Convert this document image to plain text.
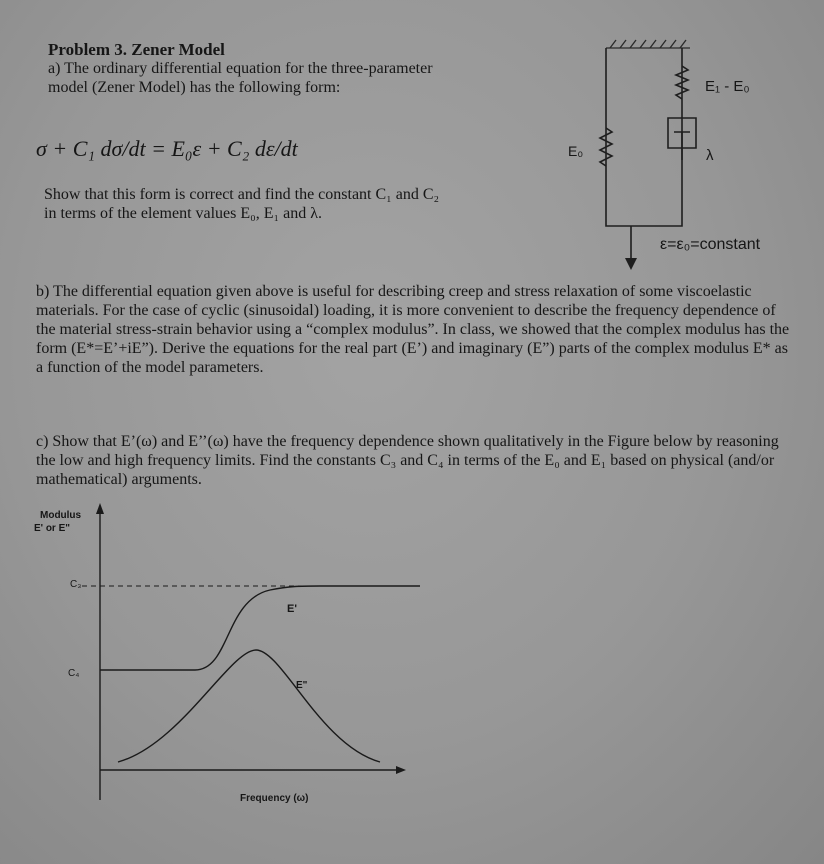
Problem 3. Zener Model
a) The ordinary differential equation for the three-parameter
model (Zener Model) has the following form:
σ + C₁ dσ/dt = E₀ε + C₂ dε/dt
Show that this form is correct and find the constant C₁ and C₂
in terms of the element values E₀, E₁ and λ.
b) The differential equation given above is useful for describing creep and stress relaxation of some viscoelastic materials. For the case of cyclic (sinusoidal) loading, it is more convenient to describe the frequency dependence of the material stress-strain behavior using a “complex modulus”. In class, we showed that the complex modulus has the form (E*=E’+iE”). Derive the equations for the real part (E’) and imaginary (E”) parts of the complex modulus E* as a function of the model parameters.
c) Show that E’(ω) and E’’(ω) have the frequency dependence shown qualitatively in the Figure below by reasoning the low and high frequency limits. Find the constants C₃ and C₄ in terms of the E₀ and E₁ based on physical (and/or mathematical) arguments.
E₁ - E₀
λ
E₀
ε=ε₀=constant
Modulus
E' or E"
C₃
C₄
E'
E"
Frequency (ω)
